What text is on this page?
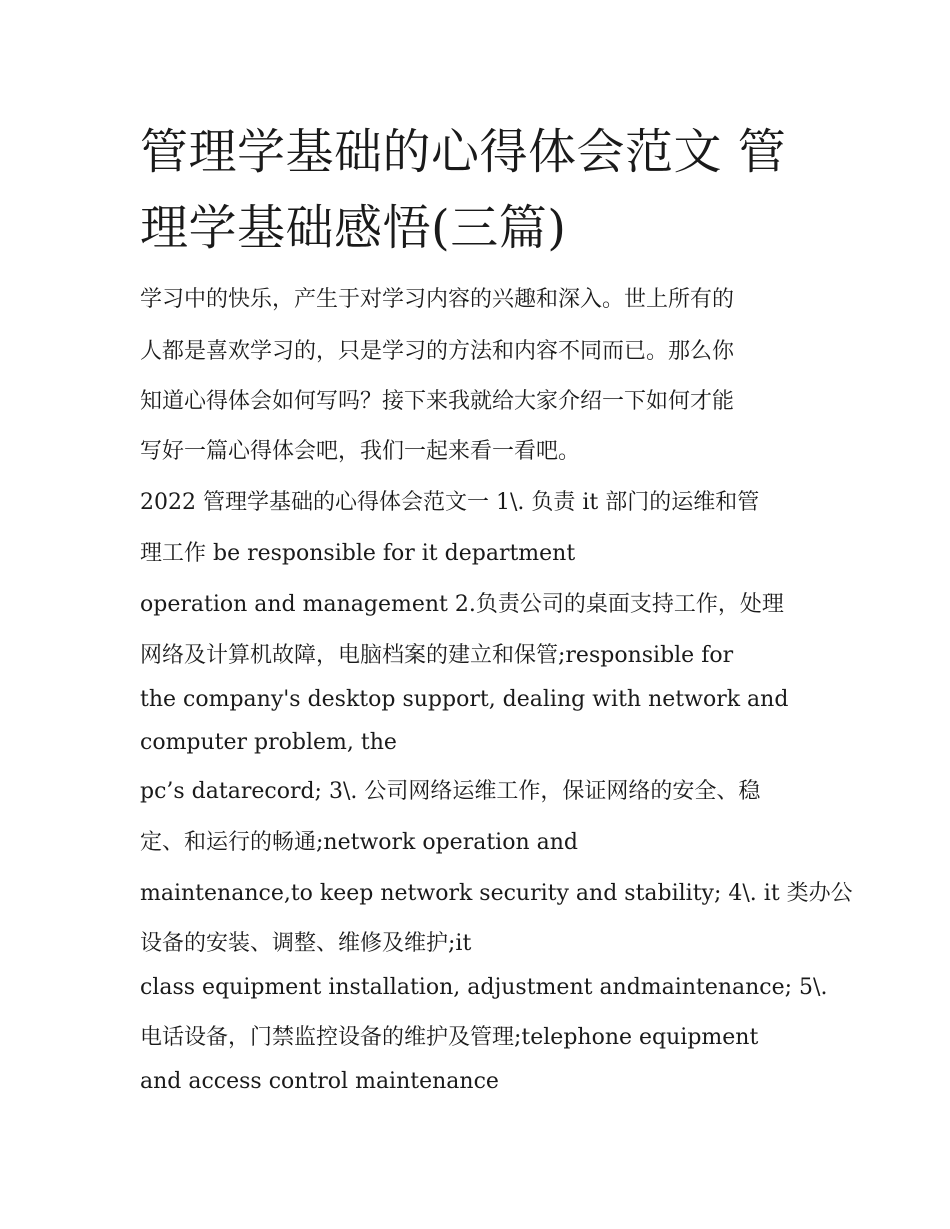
管理学基础的心得体会范文 管
理学基础感悟(三篇)

学习中的快乐，产生于对学习内容的兴趣和深入。世上所有的

人都是喜欢学习的，只是学习的方法和内容不同而已。那么你

知道心得体会如何写吗？接下来我就给大家介绍一下如何才能

写好一篇心得体会吧，我们一起来看一看吧。

2022 管理学基础的心得体会范文一 1\. 负责 it 部门的运维和管

理工作 be responsible for it department

operation and management 2.负责公司的桌面支持工作，处理

网络及计算机故障，电脑档案的建立和保管;responsible for

the company's desktop support, dealing with network and

computer problem, the

pc’s datarecord; 3\. 公司网络运维工作，保证网络的安全、稳

定、和运行的畅通;network operation and

maintenance,to keep network security and stability; 4\. it 类办公

设备的安装、调整、维修及维护;it

class equipment installation, adjustment andmaintenance; 5\.

电话设备，门禁监控设备的维护及管理;telephone equipment

and access control maintenance
